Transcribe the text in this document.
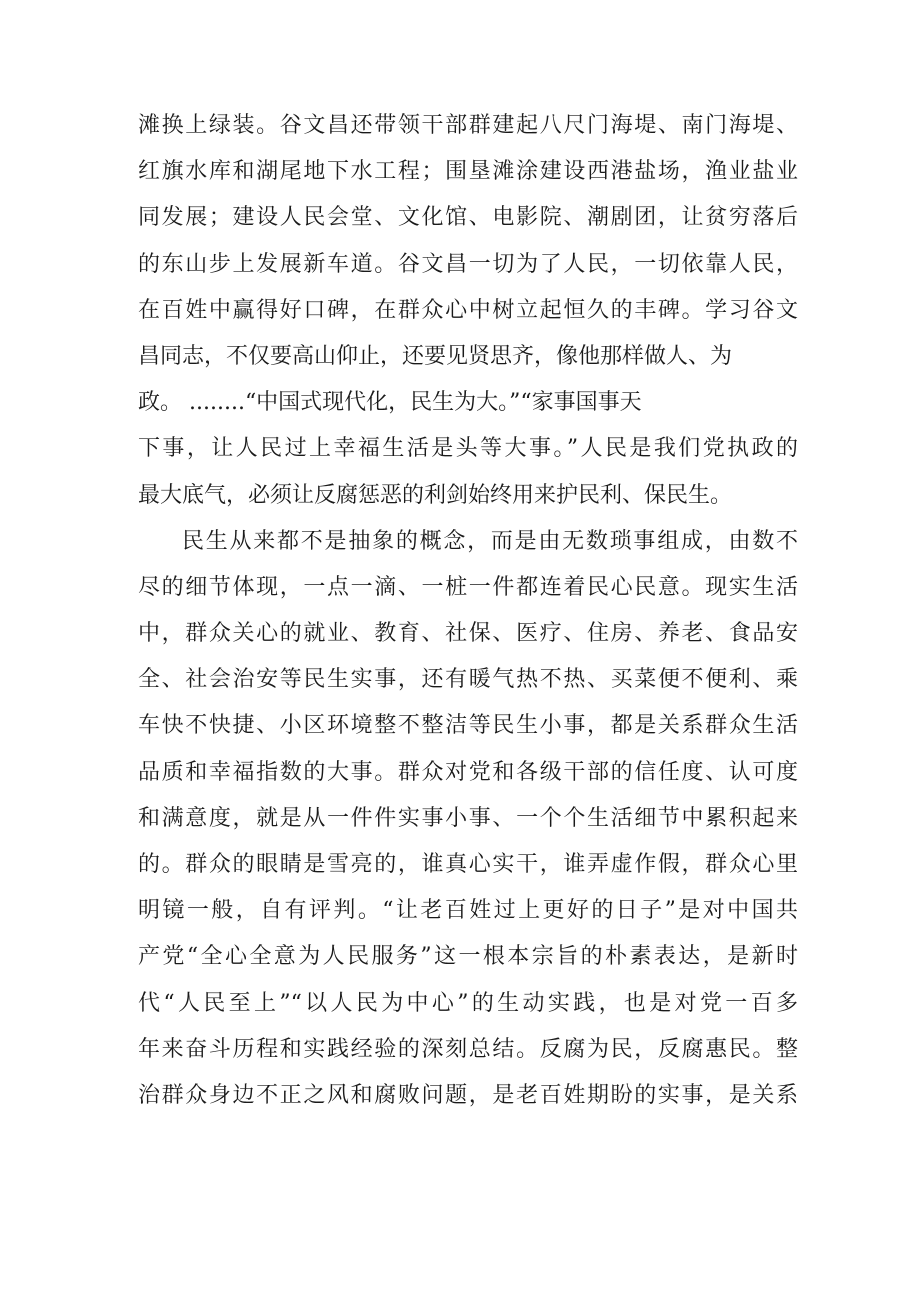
滩换上绿装。谷文昌还带领干部群建起八尺门海堤、南门海堤、
红旗水库和湖尾地下水工程；围垦滩涂建设西港盐场，渔业盐业
同发展；建设人民会堂、文化馆、电影院、潮剧团，让贫穷落后
的东山步上发展新车道。谷文昌一切为了人民，一切依靠人民，
在百姓中赢得好口碑，在群众心中树立起恒久的丰碑。学习谷文
昌同志，不仅要高山仰止，还要见贤思齐，像他那样做人、为
政。 ........“中国式现代化，民生为大。”“家事国事天
下事，让人民过上幸福生活是头等大事。”人民是我们党执政的
最大底气，必须让反腐惩恶的利剑始终用来护民利、保民生。
民生从来都不是抽象的概念，而是由无数琐事组成，由数不
尽的细节体现，一点一滴、一桩一件都连着民心民意。现实生活
中，群众关心的就业、教育、社保、医疗、住房、养老、食品安
全、社会治安等民生实事，还有暖气热不热、买菜便不便利、乘
车快不快捷、小区环境整不整洁等民生小事，都是关系群众生活
品质和幸福指数的大事。群众对党和各级干部的信任度、认可度
和满意度，就是从一件件实事小事、一个个生活细节中累积起来
的。群众的眼睛是雪亮的，谁真心实干，谁弄虚作假，群众心里
明镜一般，自有评判。“让老百姓过上更好的日子”是对中国共
产党“全心全意为人民服务”这一根本宗旨的朴素表达，是新时
代“人民至上”“以人民为中心”的生动实践，也是对党一百多
年来奋斗历程和实践经验的深刻总结。反腐为民，反腐惠民。整
治群众身边不正之风和腐败问题，是老百姓期盼的实事，是关系
